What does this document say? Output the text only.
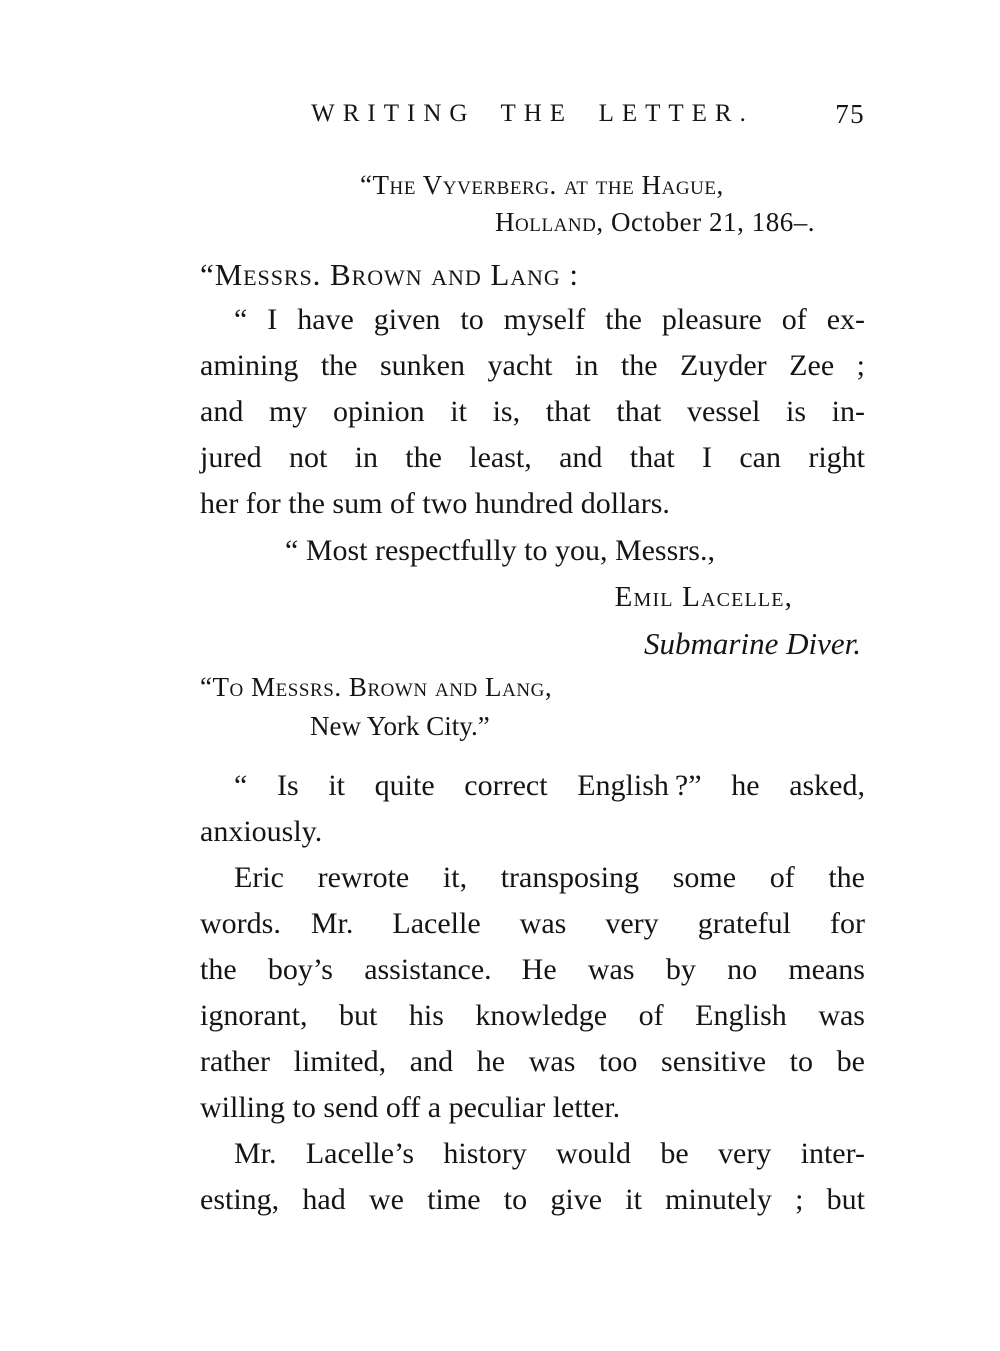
WRITING THE LETTER.	75
“The Vyverberg. at the Hague,
Holland, October 21, 186–.
“Messrs. Brown and Lang :
“ I have given to myself the pleasure of ex-
amining the sunken yacht in the Zuyder Zee ;
and my opinion it is, that that vessel is in-
jured not in the least, and that I can right
her for the sum of two hundred dollars.
“ Most respectfully to you, Messrs.,
Emil Lacelle,
Submarine Diver.
“To Messrs. Brown and Lang,
New York City.”
“ Is it quite correct English ?” he asked,
anxiously.
Eric rewrote it, transposing some of the
words. Mr. Lacelle was very grateful for
the boy’s assistance. He was by no means
ignorant, but his knowledge of English was
rather limited, and he was too sensitive to be
willing to send off a peculiar letter.
Mr. Lacelle’s history would be very inter-
esting, had we time to give it minutely ; but
